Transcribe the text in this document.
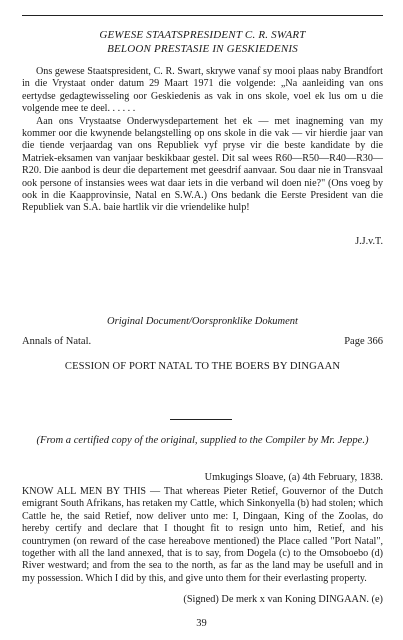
GEWESE STAATSPRESIDENT C. R. SWART
BELOON PRESTASIE IN GESKIEDENIS

Ons gewese Staatspresident, C. R. Swart, skrywe vanaf sy mooi plaas naby Brandfort in die Vrystaat onder datum 29 Maart 1971 die volgende: „Na aanleiding van ons eertydse gedagtewisseling oor Geskiedenis as vak in ons skole, voel ek lus om u die volgende mee te deel. . . . . .

Aan ons Vrystaatse Onderwysdepartement het ek — met inagneming van my kommer oor die kwynende belangstelling op ons skole in die vak — vir hierdie jaar van die tiende verjaardag van ons Republiek vyf pryse vir die beste kandidate by die Matriek-eksamen van vanjaar beskikbaar gestel. Dit sal wees R60—R50—R40—R30—R20. Die aanbod is deur die departement met geesdrif aanvaar. Sou daar nie in Transvaal ook persone of instansies wees wat daar iets in die verband wil doen nie?" (Ons voeg by ook in die Kaapprovinsie, Natal en S.W.A.) Ons bedank die Eerste President van die Republiek van S.A. baie hartlik vir die vriendelike hulp!

J.J.v.T.
Original Document/Oorspronklike Dokument
Annals of Natal.	Page 366
CESSION OF PORT NATAL TO THE BOERS BY DINGAAN
(From a certified copy of the original, supplied to the Compiler by Mr. Jeppe.)
Umkugings Sloave, (a) 4th February, 1838.

KNOW ALL MEN BY THIS — That whereas Pieter Retief, Gouvernor of the Dutch emigrant South Afrikans, has retaken my Cattle, which Sinkonyella (b) had stolen; which Cattle he, the said Retief, now deliver unto me: I, Dingaan, King of the Zoolas, do hereby certify and declare that I thought fit to resign unto him, Retief, and his countrymen (on reward of the case hereabove mentioned) the Place called "Port Natal", together with all the land annexed, that is to say, from Dogela (c) to the Omsoboebo (d) River westward; and from the sea to the north, as far as the land may be usefull and in my possession. Which I did by this, and give unto them for their everlasting property.

(Signed) De merk x van Koning DINGAAN. (e)
39
